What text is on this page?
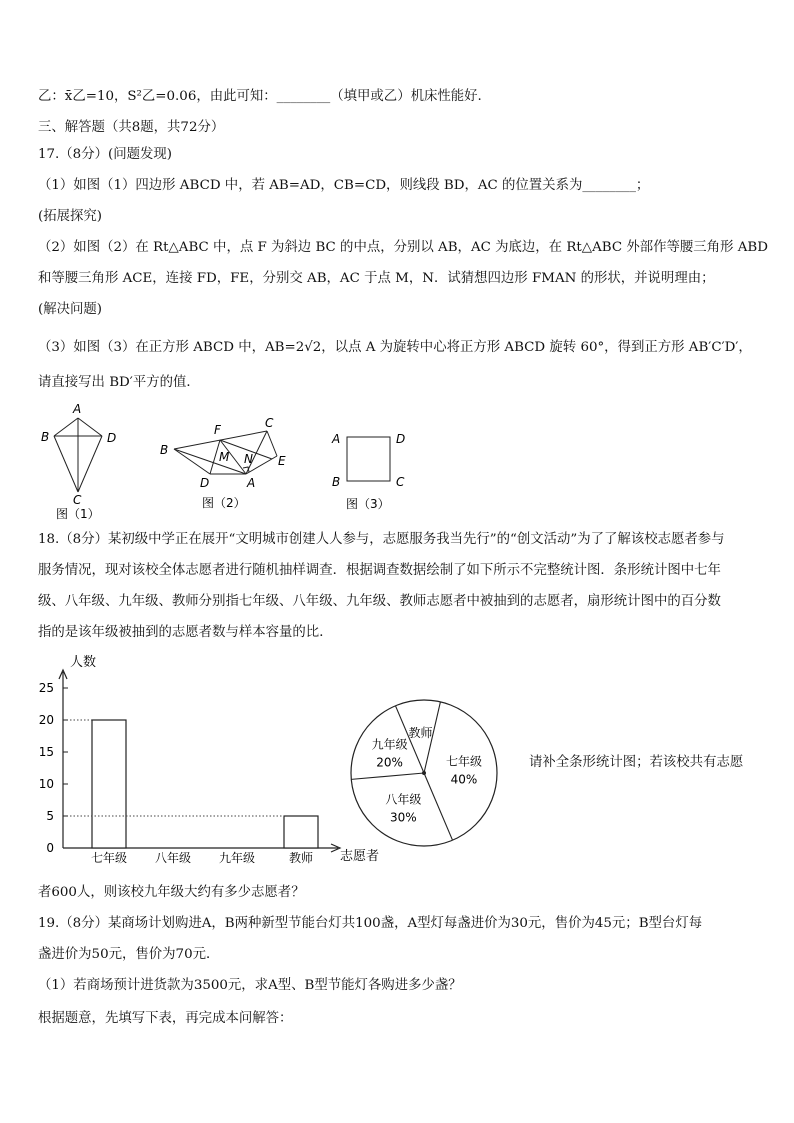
乙：x̄乙=10，S²乙=0.06，由此可知：________（填甲或乙）机床性能好.
三、解答题（共8题，共72分）
17.（8分）(问题发现)
（1）如图（1）四边形 ABCD 中，若 AB=AD，CB=CD，则线段 BD，AC 的位置关系为________；
(拓展探究)
（2）如图（2）在 Rt△ABC 中，点 F 为斜边 BC 的中点，分别以 AB，AC 为底边，在 Rt△ABC 外部作等腰三角形 ABD
和等腰三角形 ACE，连接 FD，FE，分别交 AB，AC 于点 M，N．试猜想四边形 FMAN 的形状，并说明理由；
(解决问题)
（3）如图（3）在正方形 ABCD 中，AB=2√2，以点 A 为旋转中心将正方形 ABCD 旋转 60°，得到正方形 AB′C′D′，
请直接写出 BD′平方的值．
A
B	D
C
图（1）
B
F	C
M N E
D	A
图（2）
A	D
B	C
图（3）
18.（8分）某初级中学正在展开“文明城市创建人人参与，志愿服务我当先行”的“创文活动”为了了解该校志愿者参与
服务情况，现对该校全体志愿者进行随机抽样调查．根据调查数据绘制了如下所示不完整统计图．条形统计图中七年
级、八年级、九年级、教师分别指七年级、八年级、九年级、教师志愿者中被抽到的志愿者，扇形统计图中的百分数
指的是该年级被抽到的志愿者数与样本容量的比．
0
5
10
15
20
25
七年级 八年级 九年级	教师
人数
志愿者
七年级
40%
八年级
30%
九年级
20%
教师
请补全条形统计图；若该校共有志愿
者600人，则该校九年级大约有多少志愿者？
19.（8分）某商场计划购进A，B两种新型节能台灯共100盏，A型灯每盏进价为30元，售价为45元；B型台灯每
盏进价为50元，售价为70元．
（1）若商场预计进货款为3500元，求A型、B型节能灯各购进多少盏？
根据题意，先填写下表，再完成本问解答：
